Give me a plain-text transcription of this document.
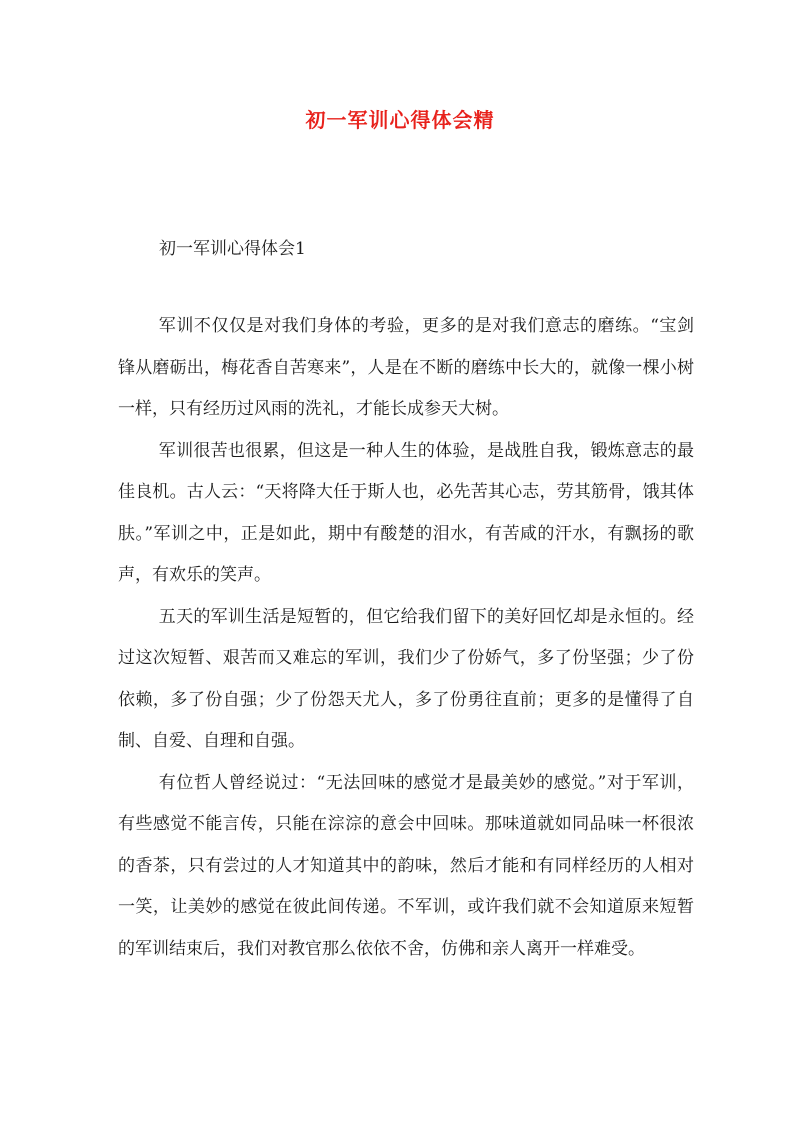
初一军训心得体会精

初一军训心得体会1

军训不仅仅是对我们身体的考验，更多的是对我们意志的磨练。“宝剑锋从磨砺出，梅花香自苦寒来”，人是在不断的磨练中长大的，就像一棵小树一样，只有经历过风雨的洗礼，才能长成参天大树。

军训很苦也很累，但这是一种人生的体验，是战胜自我，锻炼意志的最佳良机。古人云：“天将降大任于斯人也，必先苦其心志，劳其筋骨，饿其体肤。”军训之中，正是如此，期中有酸楚的泪水，有苦咸的汗水，有飘扬的歌声，有欢乐的笑声。

五天的军训生活是短暂的，但它给我们留下的美好回忆却是永恒的。经过这次短暂、艰苦而又难忘的军训，我们少了份娇气，多了份坚强；少了份依赖，多了份自强；少了份怨天尤人，多了份勇往直前；更多的是懂得了自制、自爱、自理和自强。

有位哲人曾经说过：“无法回味的感觉才是最美妙的感觉。”对于军训，有些感觉不能言传，只能在淙淙的意会中回味。那味道就如同品味一杯很浓的香茶，只有尝过的人才知道其中的韵味，然后才能和有同样经历的人相对一笑，让美妙的感觉在彼此间传递。不军训，或许我们就不会知道原来短暂的军训结束后，我们对教官那么依依不舍，仿佛和亲人离开一样难受。
